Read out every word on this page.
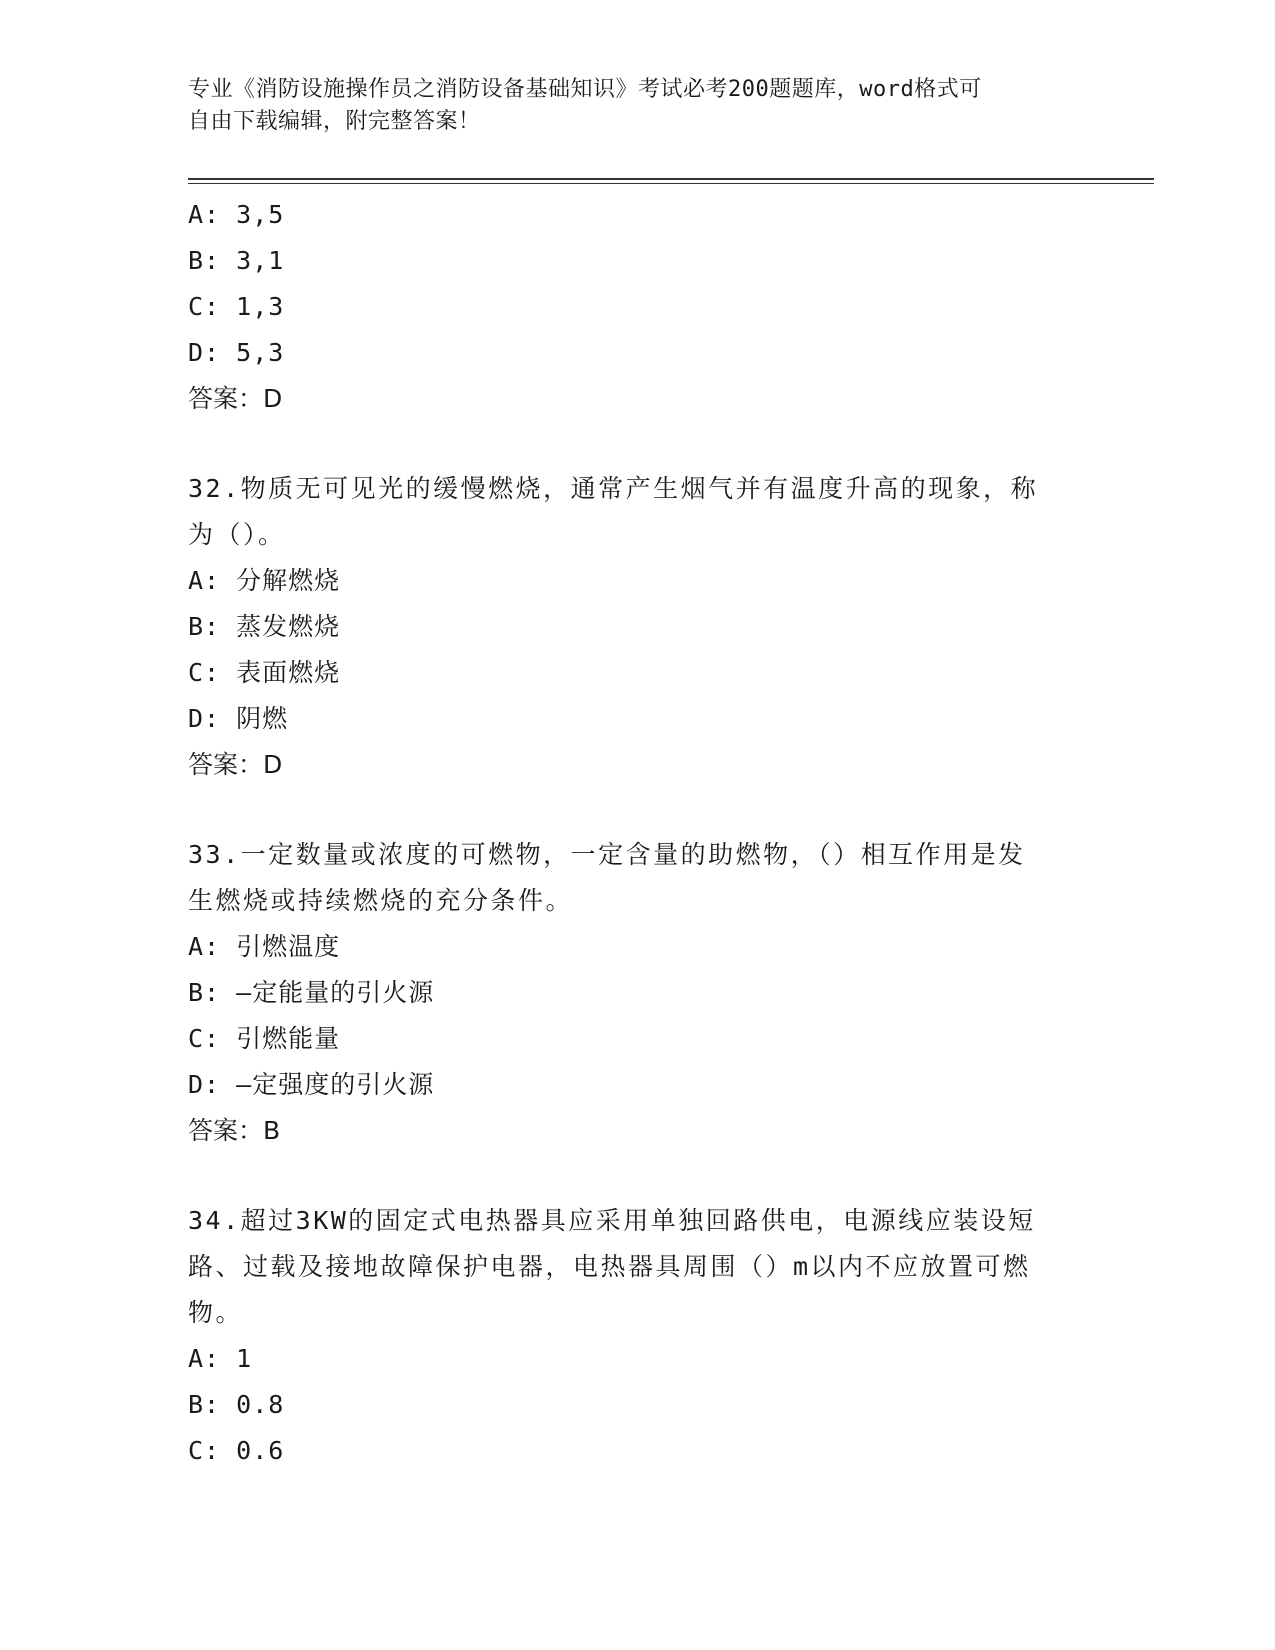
专业《消防设施操作员之消防设备基础知识》考试必考200题题库，word格式可
自由下载编辑，附完整答案！
A: 3,5
B: 3,1
C: 1,3
D: 5,3
答案：D
32.物质无可见光的缓慢燃烧，通常产生烟气并有温度升高的现象，称
为（）。
A: 分解燃烧
B: 蒸发燃烧
C: 表面燃烧
D: 阴燃
答案：D
33.一定数量或浓度的可燃物，一定含量的助燃物，（）相互作用是发
生燃烧或持续燃烧的充分条件。
A: 引燃温度
B: —定能量的引火源
C: 引燃能量
D: —定强度的引火源
答案：B
34.超过3KW的固定式电热器具应采用单独回路供电，电源线应装设短
路、过载及接地故障保护电器，电热器具周围（）m以内不应放置可燃
物。
A: 1
B: 0.8
C: 0.6
